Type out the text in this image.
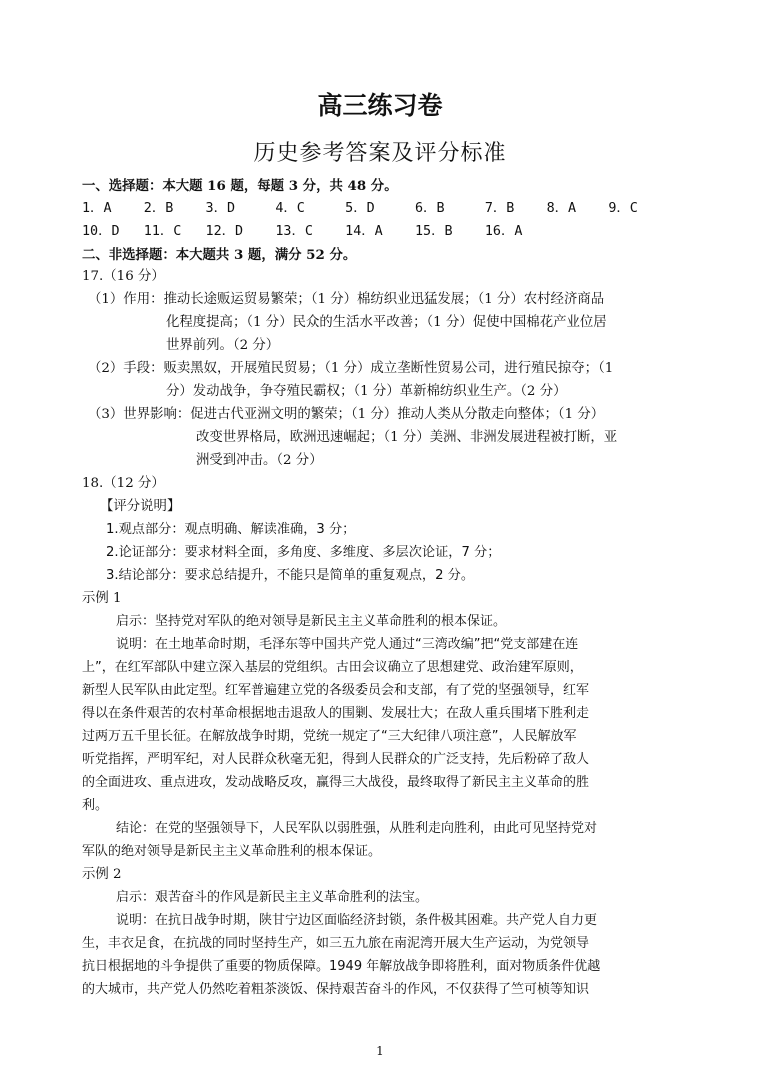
高三练习卷
历史参考答案及评分标准
一、选择题：本大题 16 题，每题 3 分，共 48 分。
1．A    2．B    3．D     4．C     5．D     6．B     7．B    8．A    9．C
10．D   11．C   12．D    13．C    14．A    15．B    16．A
二、非选择题：本大题共 3 题，满分 52 分。
17.（16 分）
（1）作用：推动长途贩运贸易繁荣；（1 分）棉纺织业迅猛发展；（1 分）农村经济商品
化程度提高；（1 分）民众的生活水平改善；（1 分）促使中国棉花产业位居
世界前列。（2 分）
（2）手段：贩卖黑奴，开展殖民贸易；（1 分）成立垄断性贸易公司，进行殖民掠夺；（1
分）发动战争，争夺殖民霸权；（1 分）革新棉纺织业生产。（2 分）
（3）世界影响：促进古代亚洲文明的繁荣；（1 分）推动人类从分散走向整体；（1 分）
改变世界格局，欧洲迅速崛起；（1 分）美洲、非洲发展进程被打断，亚
洲受到冲击。（2 分）
18.（12 分）
【评分说明】
1.观点部分：观点明确、解读准确，3 分；
2.论证部分：要求材料全面，多角度、多维度、多层次论证，7 分；
3.结论部分：要求总结提升，不能只是简单的重复观点，2 分。
示例 1
启示：坚持党对军队的绝对领导是新民主主义革命胜利的根本保证。
说明：在土地革命时期，毛泽东等中国共产党人通过“三湾改编”把“党支部建在连
上”，在红军部队中建立深入基层的党组织。古田会议确立了思想建党、政治建军原则，
新型人民军队由此定型。红军普遍建立党的各级委员会和支部，有了党的坚强领导，红军
得以在条件艰苦的农村革命根据地击退敌人的围剿、发展壮大；在敌人重兵围堵下胜利走
过两万五千里长征。在解放战争时期，党统一规定了“三大纪律八项注意”，人民解放军
听党指挥，严明军纪，对人民群众秋毫无犯，得到人民群众的广泛支持，先后粉碎了敌人
的全面进攻、重点进攻，发动战略反攻，赢得三大战役，最终取得了新民主主义革命的胜
利。
结论：在党的坚强领导下，人民军队以弱胜强，从胜利走向胜利，由此可见坚持党对
军队的绝对领导是新民主主义革命胜利的根本保证。
示例 2
启示：艰苦奋斗的作风是新民主主义革命胜利的法宝。
说明：在抗日战争时期，陕甘宁边区面临经济封锁，条件极其困难。共产党人自力更
生，丰衣足食，在抗战的同时坚持生产，如三五九旅在南泥湾开展大生产运动，为党领导
抗日根据地的斗争提供了重要的物质保障。1949 年解放战争即将胜利，面对物质条件优越
的大城市，共产党人仍然吃着粗茶淡饭、保持艰苦奋斗的作风，不仅获得了竺可桢等知识
1
